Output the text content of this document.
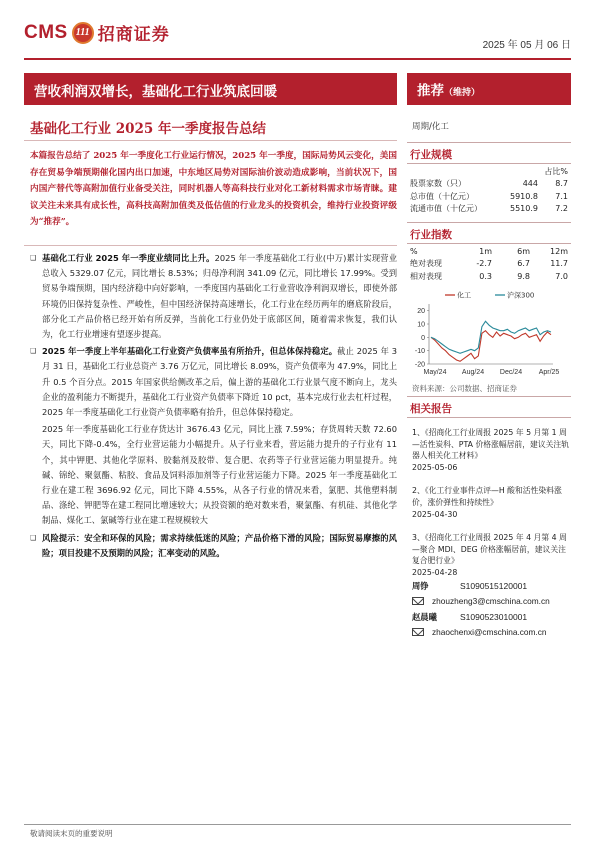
CMS 111 招商证券
2025 年 05 月 06 日
营收利润双增长，基础化工行业筑底回暖
基础化工行业 2025 年一季度报告总结
本篇报告总结了 2025 年一季度化工行业运行情况，2025 年一季度，国际局势风云变化，美国存在贸易争端预期催化国内出口加速，中东地区局势对国际油价波动造成影响，当前状况下，国内国产替代等高附加值行业备受关注，同时机器人等高科技行业对化工新材料需求市场青睐。建议关注未来具有成长性，高科技高附加值类及低估值的行业龙头的投资机会，维持行业投资评级为“推荐”。
❑ 基础化工行业 2025 年一季度业绩同比上升。2025 年一季度基础化工行业(中万)累计实现营业总收入 5329.07 亿元，同比增长 8.53%；归母净利润 341.09 亿元，同比增长 17.99%。受到贸易争端预期，国内经济稳中向好影响，一季度国内基础化工行业营收净利润双增长，即使外部环境仍旧保持复杂性、严峻性，但中国经济保持高速增长，化工行业在经历两年的磨底阶段后，部分化工产品价格已经开始有所反弹，当前化工行业仍处于底部区间，随着需求恢复，我们认为，化工行业增速有望逐步提高。
❑ 2025 年一季度上半年基础化工行业资产负债率虽有所抬升，但总体保持稳定。截止 2025 年 3 月 31 日，基础化工行业总资产 3.76 万亿元，同比增长 8.09%，资产负债率为 47.9%，同比上升 0.5 个百分点。2015 年国家供给侧改革之后，偏上游的基础化工行业景气度不断向上，龙头企业的盈利能力不断提升，基础化工行业资产负债率下降近 10 pct，基本完成行业去杠杆过程，2025 年一季度基础化工行业资产负债率略有抬升，但总体保持稳定。
2025 年一季度基础化工行业存货达计 3676.43 亿元，同比上涨 7.59%；存货周转天数 72.60 天，同比下降-0.4%，全行业营运能力小幅提升。从子行业来看，营运能力提升的子行业有 11 个，其中钾肥、其他化学原料、胶黏剂及胶带、复合肥、农药等子行业营运能力明显提升。纯碱、锦纶、聚氨酯、粘胶、食品及饲料添加剂等子行业营运能力下降。2025 年一季度基础化工行业在建工程 3696.92 亿元，同比下降 4.55%，从各子行业的情况来看，氯肥、其他塑料制品、涤纶、钾肥等在建工程同比增速较大；从投资额的绝对数来看，聚氯酯、有机硅、其他化学制品、煤化工、氯碱等行业在建工程规模较大
❑ 风险提示：安全和环保的风险；需求持续低迷的风险；产品价格下滑的风险；国际贸易摩擦的风险；项目投建不及预期的风险；汇率变动的风险。
推荐（维持）
周期/化工
行业规模
		占比%
股票家数（只）	444	8.7
总市值（十亿元）	5910.8	7.1
流通市值（十亿元）	5510.9	7.2
行业指数
%	1m	6m	12m
绝对表现	-2.7	6.7	11.7
相对表现	0.3	9.8	7.0
-20
-10
0
10
20
May/24 Aug/24 Dec/24 Apr/25
化工	沪深300
资料来源：公司数据、招商证券
相关报告
1、《招商化工行业周报 2025 年 5 月第 1 周—活性炭科、PTA 价格涨幅居前，建议关注轨器人相关化工材料》
2025-05-06
2、《化工行业事件点评—H 酸和活性染料涨价，涨价弹性和持续性》
2025-04-30
3、《招商化工行业周报 2025 年 4 月第 4 周—聚合 MDI、DEG 价格涨幅居前，建议关注复合肥行业》
2025-04-28
周铮	S1090515120001
zhouzheng3@cmschina.com.cn
赵晨曦	S1090523010001
zhaochenxi@cmschina.com.cn
敬请阅读末页的重要说明
